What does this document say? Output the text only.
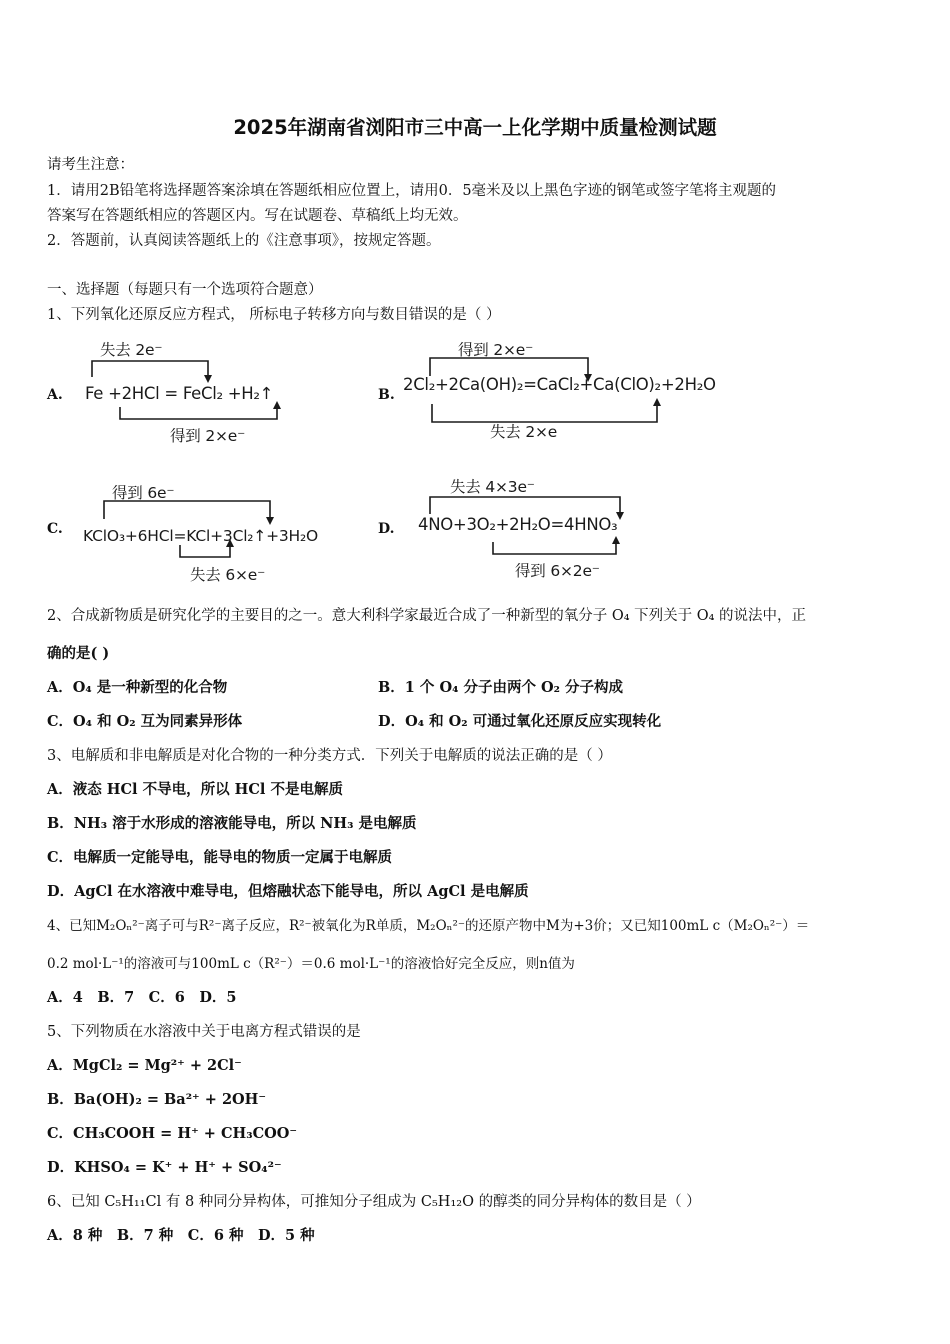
2025年湖南省浏阳市三中高一上化学期中质量检测试题
请考生注意：
1．请用2B铅笔将选择题答案涂填在答题纸相应位置上，请用0．5毫米及以上黑色字迹的钢笔或签字笔将主观题的
答案写在答题纸相应的答题区内。写在试题卷、草稿纸上均无效。
2．答题前，认真阅读答题纸上的《注意事项》，按规定答题。
一、选择题（每题只有一个选项符合题意）
1、下列氧化还原反应方程式， 所标电子转移方向与数目错误的是（ ）
A.
失去 2e⁻
Fe +2HCl = FeCl₂ +H₂↑
得到 2×e⁻
B.
得到 2×e⁻
2Cl₂+2Ca(OH)₂=CaCl₂+Ca(ClO)₂+2H₂O
失去 2×e
C.
得到 6e⁻
KClO₃+6HCl=KCl+3Cl₂↑+3H₂O
失去 6×e⁻
D.
失去 4×3e⁻
4NO+3O₂+2H₂O=4HNO₃
得到 6×2e⁻
2、合成新物质是研究化学的主要目的之一。意大利科学家最近合成了一种新型的氧分子 O₄ 下列关于 O₄ 的说法中，正
确的是( )
A．O₄ 是一种新型的化合物	B．1 个 O₄ 分子由两个 O₂ 分子构成
C．O₄ 和 O₂ 互为同素异形体	D．O₄ 和 O₂ 可通过氧化还原反应实现转化
3、电解质和非电解质是对化合物的一种分类方式．下列关于电解质的说法正确的是（ ）
A．液态 HCl 不导电，所以 HCl 不是电解质
B．NH₃ 溶于水形成的溶液能导电，所以 NH₃ 是电解质
C．电解质一定能导电，能导电的物质一定属于电解质
D．AgCl 在水溶液中难导电，但熔融状态下能导电，所以 AgCl 是电解质
4、已知M₂Oₙ²⁻离子可与R²⁻离子反应，R²⁻被氧化为R单质，M₂Oₙ²⁻的还原产物中M为+3价；又已知100mL c（M₂Oₙ²⁻）＝
0.2 mol·L⁻¹的溶液可与100mL c（R²⁻）＝0.6 mol·L⁻¹的溶液恰好完全反应，则n值为
A．4　B．7　C．6　D．5
5、下列物质在水溶液中关于电离方程式错误的是
A．MgCl₂ = Mg²⁺ + 2Cl⁻
B．Ba(OH)₂ = Ba²⁺ + 2OH⁻
C．CH₃COOH = H⁺ + CH₃COO⁻
D．KHSO₄ = K⁺ + H⁺ + SO₄²⁻
6、已知 C₅H₁₁Cl 有 8 种同分异构体，可推知分子组成为 C₅H₁₂O 的醇类的同分异构体的数目是（ ）
A．8 种　B．7 种　C．6 种　D．5 种
